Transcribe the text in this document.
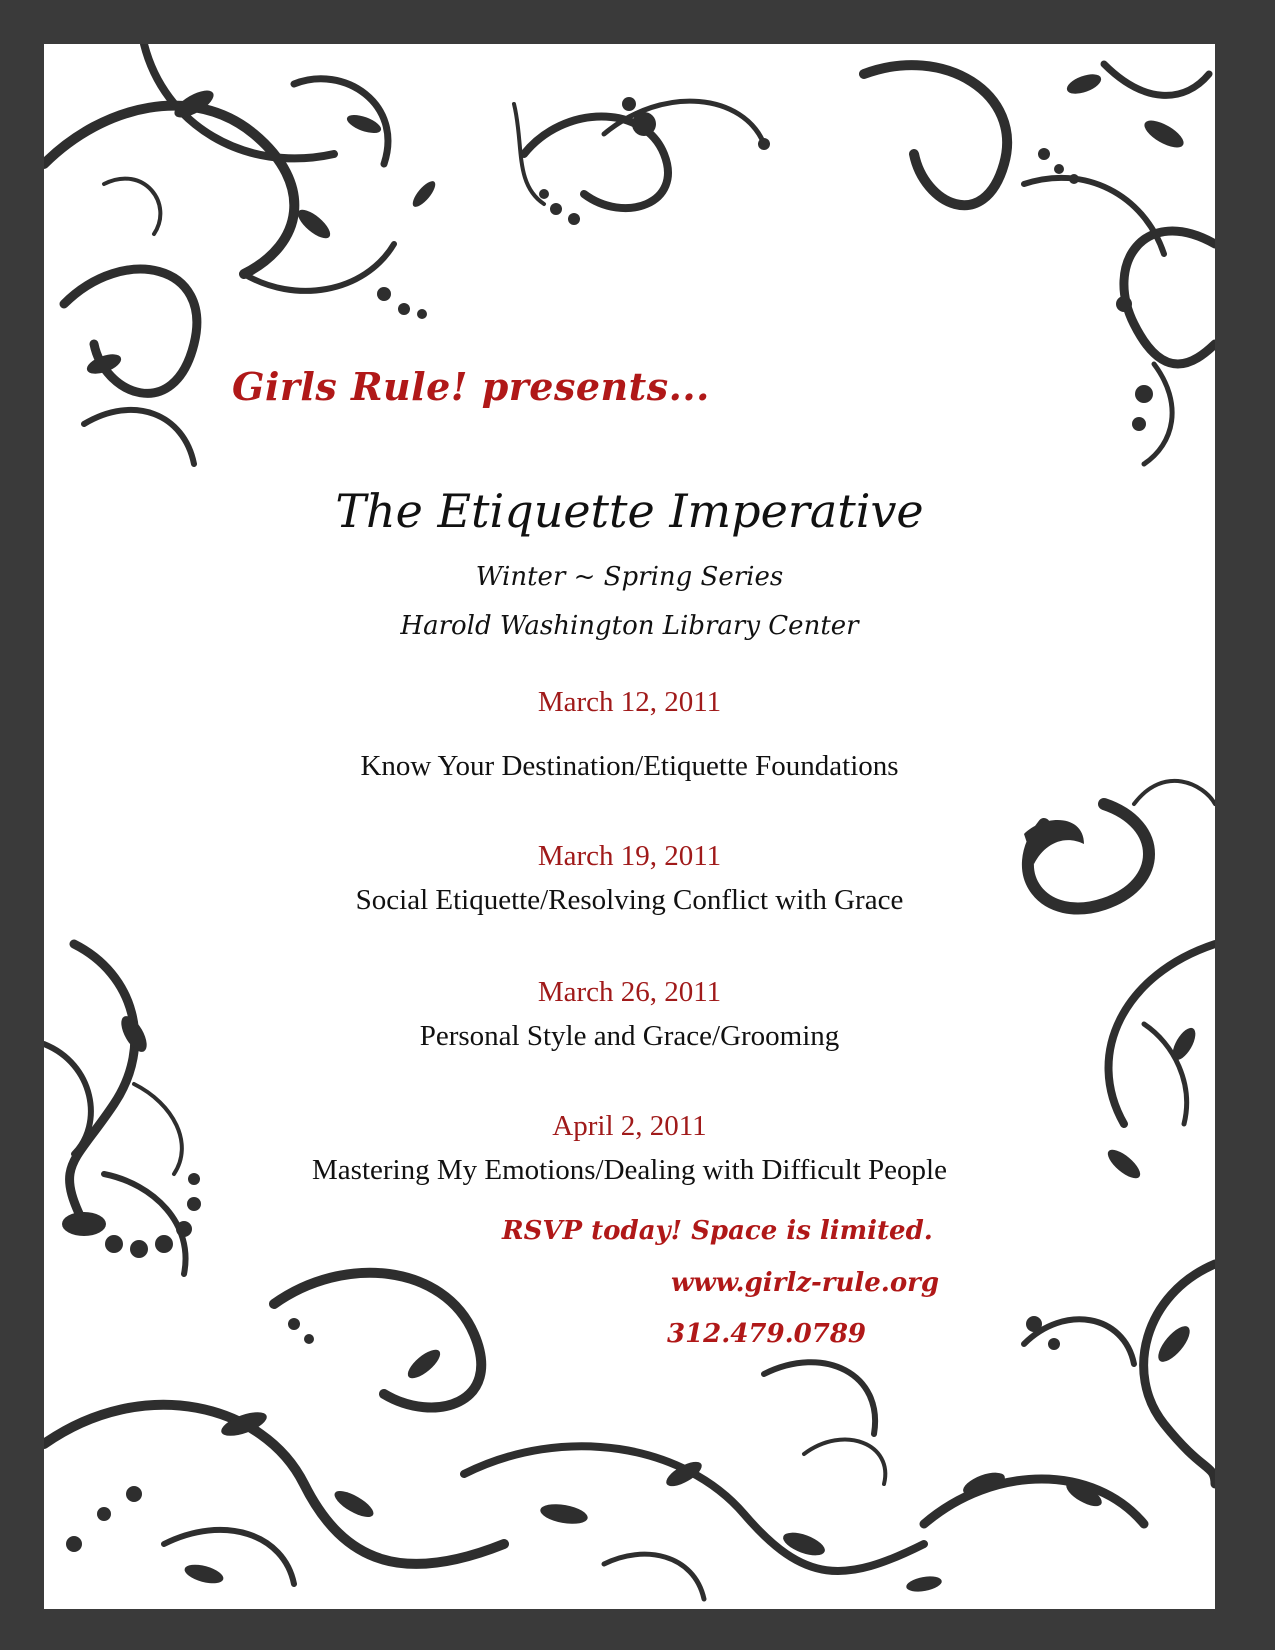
Girls Rule! presents...
The Etiquette Imperative
Winter ~ Spring Series
Harold Washington Library Center
March 12, 2011
Know Your Destination/Etiquette Foundations
March 19, 2011
Social Etiquette/Resolving Conflict with Grace
March 26, 2011
Personal Style and Grace/Grooming
April 2, 2011
Mastering My Emotions/Dealing with Difficult People
RSVP today! Space is limited.
www.girlz-rule.org
312.479.0789
